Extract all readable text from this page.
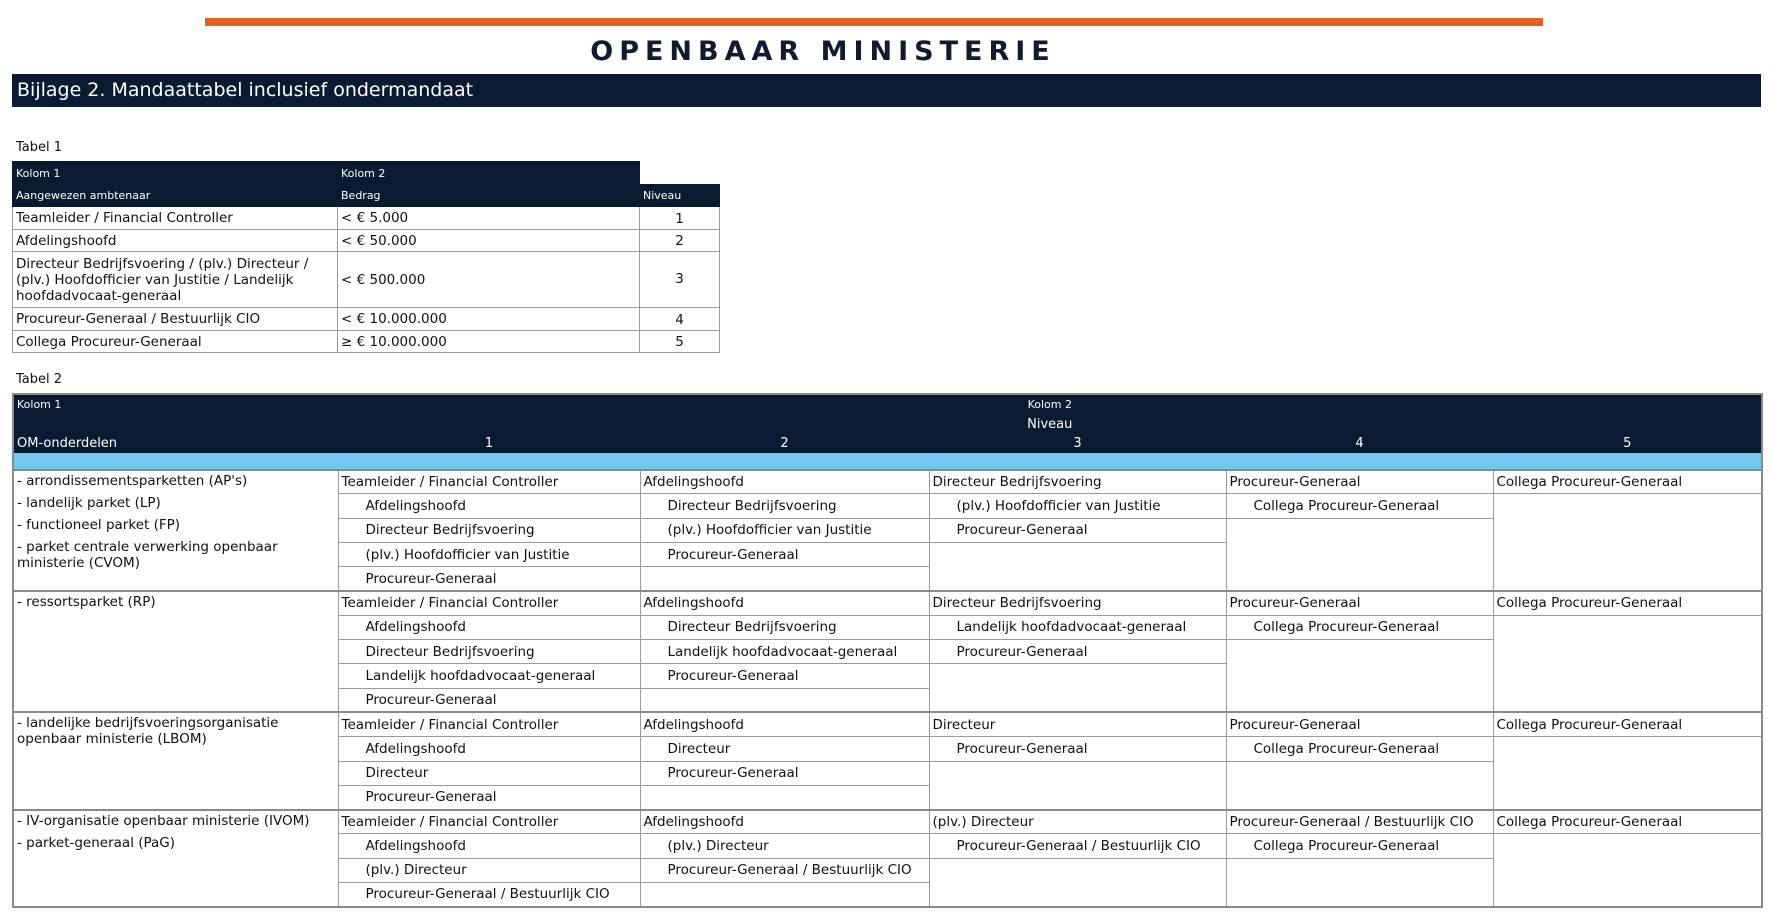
OPENBAAR MINISTERIE
Bijlage 2. Mandaattabel inclusief ondermandaat
Tabel 1
Kolom 1	Kolom 2	
Aangewezen ambtenaar	Bedrag	Niveau
Teamleider / Financial Controller	< € 5.000	1
Afdelingshoofd	< € 50.000	2
Directeur Bedrijfsvoering / (plv.) Directeur / (plv.) Hoofdofficier van Justitie / Landelijk hoofdadvocaat-generaal	< € 500.000	3
Procureur-Generaal / Bestuurlijk CIO	< € 10.000.000	4
Collega Procureur-Generaal	≥ € 10.000.000	5
Tabel 2
Kolom 1	Kolom 2				
OM-onderdelen	Niveau				
	1	2	3	4	5

- arrondissementsparketten (AP's)
- landelijk parket (LP)
- functioneel parket (FP)
- parket centrale verwerking openbaar ministerie (CVOM)	Teamleider / Financial Controller	Afdelingshoofd	Directeur Bedrijfsvoering	Procureur-Generaal	Collega Procureur-Generaal
	Afdelingshoofd	Directeur Bedrijfsvoering	(plv.) Hoofdofficier van Justitie	Collega Procureur-Generaal	
	Directeur Bedrijfsvoering	(plv.) Hoofdofficier van Justitie	Procureur-Generaal		
	(plv.) Hoofdofficier van Justitie	Procureur-Generaal			
	Procureur-Generaal				

- ressortsparket (RP)	Teamleider / Financial Controller	Afdelingshoofd	Directeur Bedrijfsvoering	Procureur-Generaal	Collega Procureur-Generaal
	Afdelingshoofd	Directeur Bedrijfsvoering	Landelijk hoofdadvocaat-generaal	Collega Procureur-Generaal	
	Directeur Bedrijfsvoering	Landelijk hoofdadvocaat-generaal	Procureur-Generaal		
	Landelijk hoofdadvocaat-generaal	Procureur-Generaal			
	Procureur-Generaal				

- landelijke bedrijfsvoeringsorganisatie openbaar ministerie (LBOM)	Teamleider / Financial Controller	Afdelingshoofd	Directeur	Procureur-Generaal	Collega Procureur-Generaal
	Afdelingshoofd	Directeur	Procureur-Generaal	Collega Procureur-Generaal	
	Directeur	Procureur-Generaal			
	Procureur-Generaal				

- IV-organisatie openbaar ministerie (IVOM)
- parket-generaal (PaG)	Teamleider / Financial Controller	Afdelingshoofd	(plv.) Directeur	Procureur-Generaal / Bestuurlijk CIO	Collega Procureur-Generaal
	Afdelingshoofd	(plv.) Directeur	Procureur-Generaal / Bestuurlijk CIO	Collega Procureur-Generaal	
	(plv.) Directeur	Procureur-Generaal / Bestuurlijk CIO			
	Procureur-Generaal / Bestuurlijk CIO				
